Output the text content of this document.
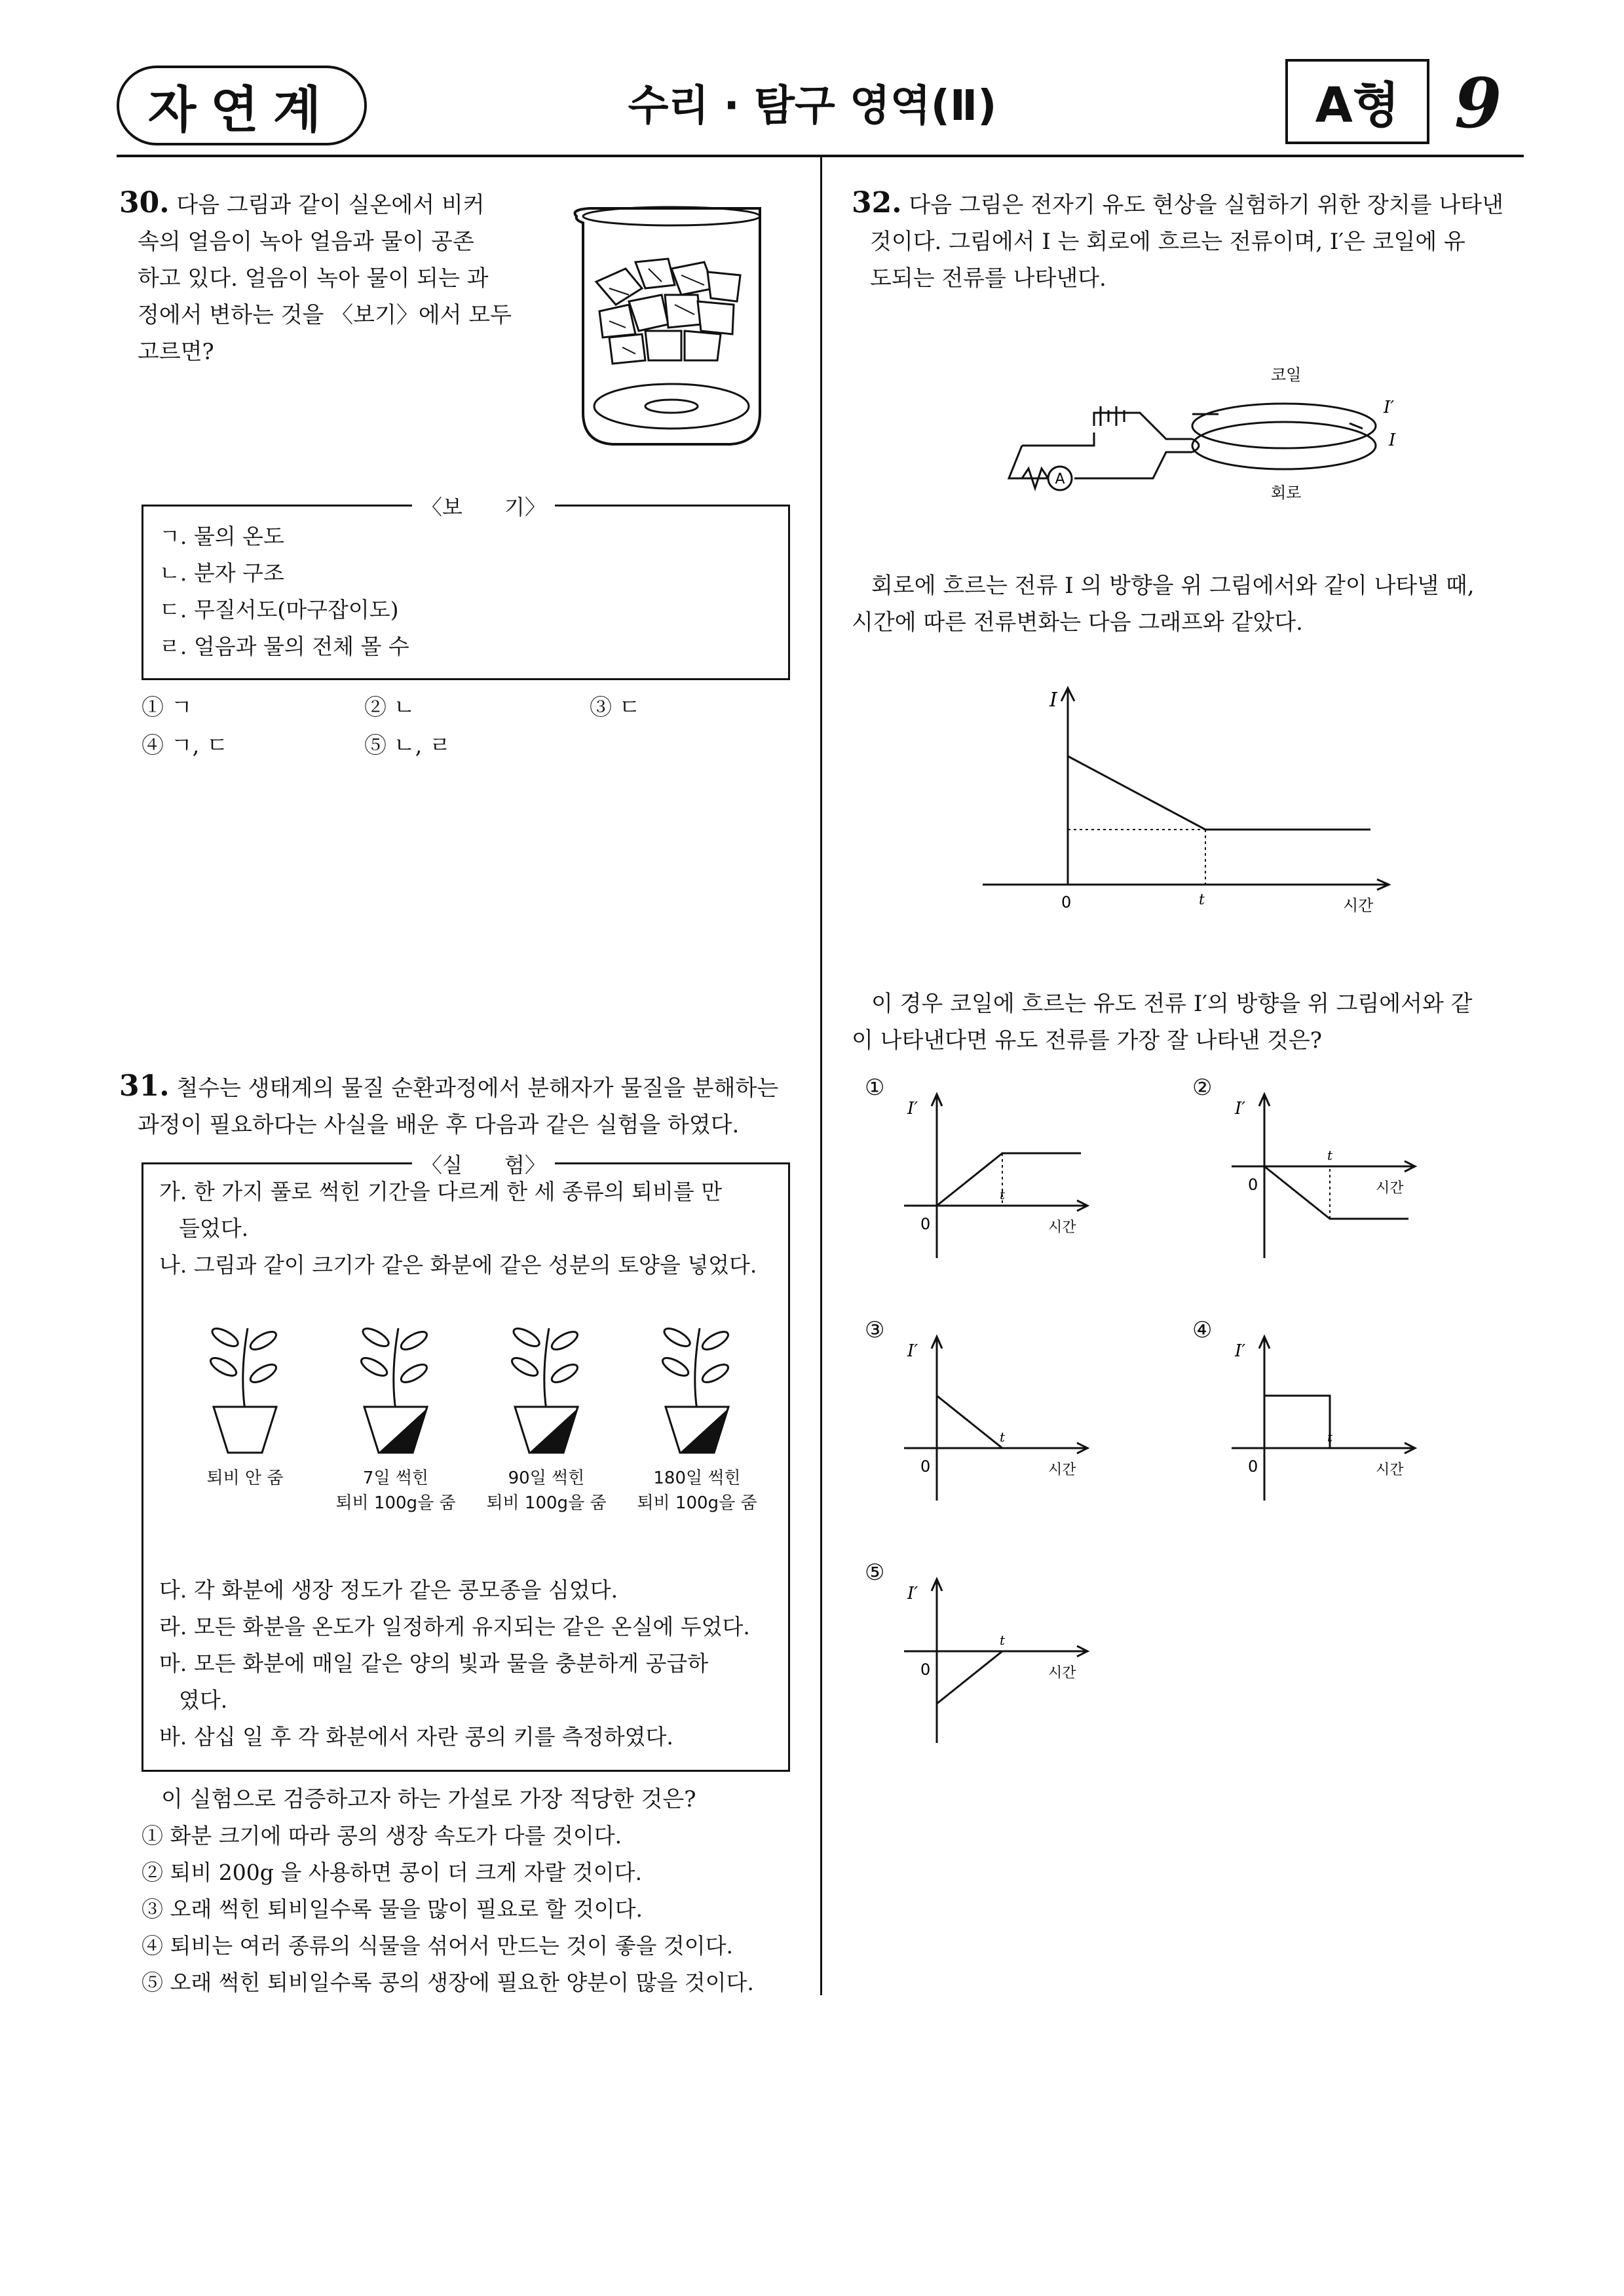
자연계	수리 · 탐구 영역(Ⅱ)	A형 9
30. 다음 그림과 같이 실온에서 비커
속의 얼음이 녹아 얼음과 물이 공존
하고 있다. 얼음이 녹아 물이 되는 과
정에서 변하는 것을 〈보기〉에서 모두
고르면?
〈보　　기〉
ㄱ. 물의 온도
ㄴ. 분자 구조
ㄷ. 무질서도(마구잡이도)
ㄹ. 얼음과 물의 전체 몰 수
① ㄱ	② ㄴ	③ ㄷ
④ ㄱ, ㄷ	⑤ ㄴ, ㄹ
31. 철수는 생태계의 물질 순환과정에서 분해자가 물질을 분해하는
과정이 필요하다는 사실을 배운 후 다음과 같은 실험을 하였다.
〈실　　험〉
가. 한 가지 풀로 썩힌 기간을 다르게 한 세 종류의 퇴비를 만
들었다.
나. 그림과 같이 크기가 같은 화분에 같은 성분의 토양을 넣었다.
퇴비 안 줌	7일 썩힌
퇴비 100g을 줌
90일 썩힌
퇴비 100g을 줌
180일 썩힌
퇴비 100g을 줌
다. 각 화분에 생장 정도가 같은 콩모종을 심었다.
라. 모든 화분을 온도가 일정하게 유지되는 같은 온실에 두었다.
마. 모든 화분에 매일 같은 양의 빛과 물을 충분하게 공급하
였다.
바. 삼십 일 후 각 화분에서 자란 콩의 키를 측정하였다.
이 실험으로 검증하고자 하는 가설로 가장 적당한 것은?
① 화분 크기에 따라 콩의 생장 속도가 다를 것이다.
② 퇴비 200g 을 사용하면 콩이 더 크게 자랄 것이다.
③ 오래 썩힌 퇴비일수록 물을 많이 필요로 할 것이다.
④ 퇴비는 여러 종류의 식물을 섞어서 만드는 것이 좋을 것이다.
⑤ 오래 썩힌 퇴비일수록 콩의 생장에 필요한 양분이 많을 것이다.
32. 다음 그림은 전자기 유도 현상을 실험하기 위한 장치를 나타낸
것이다. 그림에서 I 는 회로에 흐르는 전류이며, I′은 코일에 유
도되는 전류를 나타낸다.
A
코일
회로
I′
I
회로에 흐르는 전류 I 의 방향을 위 그림에서와 같이 나타낼 때,
시간에 따른 전류변화는 다음 그래프와 같았다.
I
0	t	시간
이 경우 코일에 흐르는 유도 전류 I′의 방향을 위 그림에서와 같
이 나타낸다면 유도 전류를 가장 잘 나타낸 것은?
①
I′
0
t
시간
②
I′
0
t
시간
③
I′
0
t
시간
④
I′
0
t
시간
⑤
I′
0
t
시간
